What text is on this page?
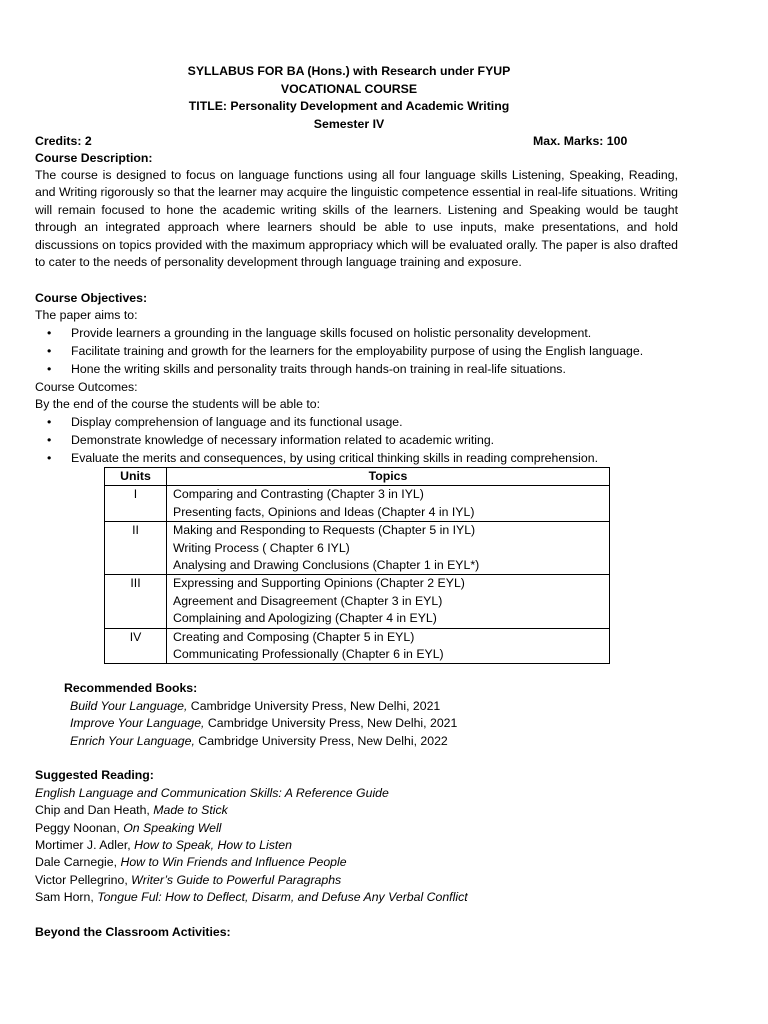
SYLLABUS FOR BA (Hons.) with Research under FYUP
VOCATIONAL COURSE
TITLE: Personality Development and Academic Writing
Semester IV
Credits: 2	Max. Marks: 100
Course Description:
The course is designed to focus on language functions using all four language skills Listening, Speaking, Reading, and Writing rigorously so that the learner may acquire the linguistic competence essential in real-life situations. Writing will remain focused to hone the academic writing skills of the learners. Listening and Speaking would be taught through an integrated approach where learners should be able to use inputs, make presentations, and hold discussions on topics provided with the maximum appropriacy which will be evaluated orally. The paper is also drafted to cater to the needs of personality development through language training and exposure.
Course Objectives:
The paper aims to:
• Provide learners a grounding in the language skills focused on holistic personality development.
• Facilitate training and growth for the learners for the employability purpose of using the English language.
• Hone the writing skills and personality traits through hands-on training in real-life situations.
Course Outcomes:
By the end of the course the students will be able to:
• Display comprehension of language and its functional usage.
• Demonstrate knowledge of necessary information related to academic writing.
• Evaluate the merits and consequences, by using critical thinking skills in reading comprehension.
Units	Topics
I	Comparing and Contrasting (Chapter 3 in IYL)
Presenting facts, Opinions and Ideas (Chapter 4 in IYL)

II	Making and Responding to Requests (Chapter 5 in IYL)
Writing Process ( Chapter 6 IYL)
Analysing and Drawing Conclusions (Chapter 1 in EYL*)

III	Expressing and Supporting Opinions (Chapter 2 EYL)
Agreement and Disagreement (Chapter 3 in EYL)
Complaining and Apologizing (Chapter 4 in EYL)

IV	Creating and Composing (Chapter 5 in EYL)
Communicating Professionally (Chapter 6 in EYL)
Recommended Books:
Build Your Language, Cambridge University Press, New Delhi, 2021
Improve Your Language, Cambridge University Press, New Delhi, 2021
Enrich Your Language, Cambridge University Press, New Delhi, 2022
Suggested Reading:
English Language and Communication Skills: A Reference Guide
Chip and Dan Heath, Made to Stick
Peggy Noonan, On Speaking Well
Mortimer J. Adler, How to Speak, How to Listen
Dale Carnegie, How to Win Friends and Influence People
Victor Pellegrino, Writer’s Guide to Powerful Paragraphs
Sam Horn, Tongue Ful: How to Deflect, Disarm, and Defuse Any Verbal Conflict
Beyond the Classroom Activities:
